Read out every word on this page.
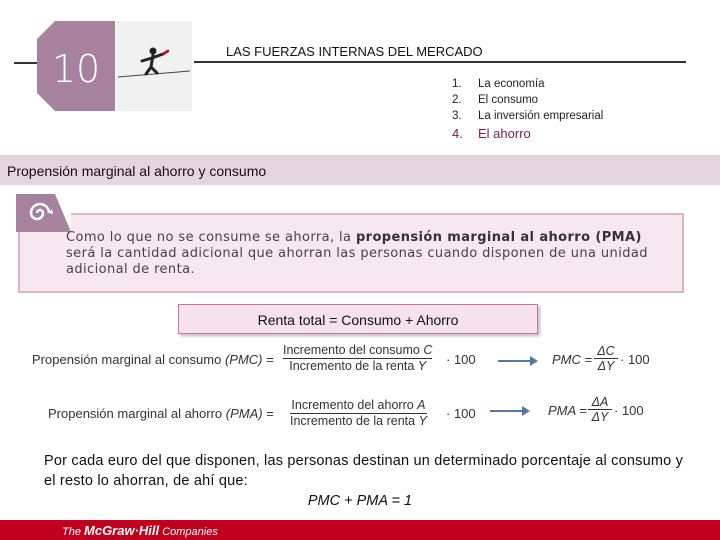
10	LAS FUERZAS INTERNAS DEL MERCADO
1.	La economía
2.	El consumo
3.	La inversión empresarial
4.	El ahorro
Propensión marginal al ahorro y consumo
Como lo que no se consume se ahorra, la propensión marginal al ahorro (PMA) será la cantidad adicional que ahorran las personas cuando disponen de una unidad adicional de renta.
Renta total = Consumo + Ahorro
Propensión marginal al consumo (PMC) =
Incremento del consumo C
Incremento de la renta Y	· 100	PMC = $\frac{\Delta C}{\Delta Y} \cdot 100$
Propensión marginal al ahorro (PMA) =
Incremento del ahorro A
Incremento de la renta Y · 100	PMA = $\frac{\Delta A}{\Delta Y} \cdot 100$
Por cada euro del que disponen, las personas destinan un determinado porcentaje al consumo y el resto lo ahorran, de ahí que:
PMC + PMA = 1
The McGraw·Hill Companies
